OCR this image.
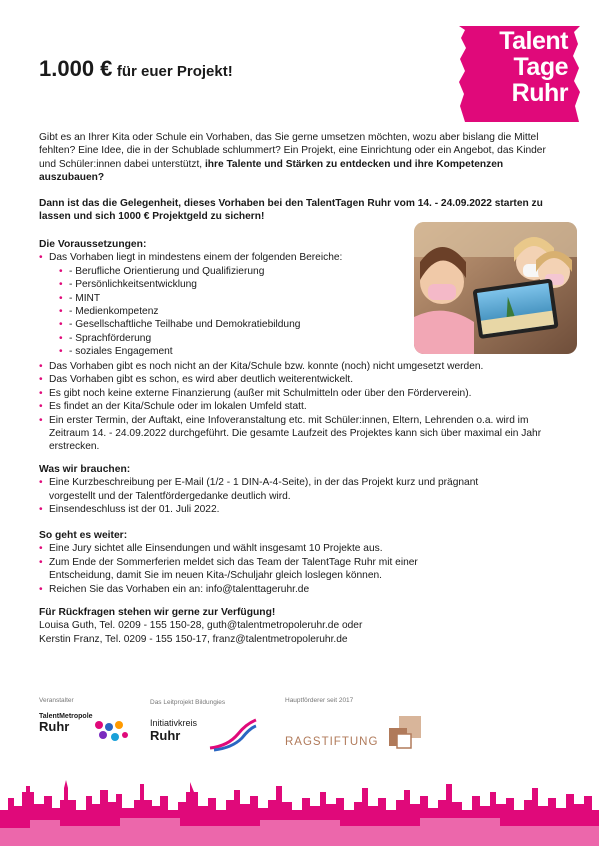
1.000 € für euer Projekt!
Talent
Tage
Ruhr
Gibt es an Ihrer Kita oder Schule ein Vorhaben, das Sie gerne umsetzen möchten, wozu aber bislang die Mittel fehlten? Eine Idee, die in der Schublade schlummert? Ein Projekt, eine Einrichtung oder ein Angebot, das Kinder und Schüler:innen dabei unterstützt, ihre Talente und Stärken zu entdecken und ihre Kompetenzen auszubauen?
Dann ist das die Gelegenheit, dieses Vorhaben bei den TalentTagen Ruhr vom 14. - 24.09.2022 starten zu lassen und sich 1000 € Projektgeld zu sichern!
Die Voraussetzungen:
• Das Vorhaben liegt in mindestens einem der folgenden Bereiche:
• - Berufliche Orientierung und Qualifizierung
• - Persönlichkeitsentwicklung
• - MINT
• - Medienkompetenz
• - Gesellschaftliche Teilhabe und Demokratiebildung
• - Sprachförderung
• - soziales Engagement
• Das Vorhaben gibt es noch nicht an der Kita/Schule bzw. konnte (noch) nicht umgesetzt werden.
• Das Vorhaben gibt es schon, es wird aber deutlich weiterentwickelt.
• Es gibt noch keine externe Finanzierung (außer mit Schulmitteln oder über den Förderverein).
• Es findet an der Kita/Schule oder im lokalen Umfeld statt.
• Ein erster Termin, der Auftakt, eine Infoveranstaltung etc. mit Schüler:innen, Eltern, Lehrenden o.a. wird im Zeitraum 14. - 24.09.2022 durchgeführt. Die gesamte Laufzeit des Projektes kann sich über maximal ein Jahr erstrecken.
Was wir brauchen:
• Eine Kurzbeschreibung per E-Mail (1/2 - 1 DIN-A-4-Seite), in der das Projekt kurz und prägnant vorgestellt und der Talentfördergedanke deutlich wird.
• Einsendeschluss ist der 01. Juli 2022.
So geht es weiter:
• Eine Jury sichtet alle Einsendungen und wählt insgesamt 10 Projekte aus.
• Zum Ende der Sommerferien meldet sich das Team der TalentTage Ruhr mit einer Entscheidung, damit Sie im neuen Kita-/Schuljahr gleich loslegen können.
• Reichen Sie das Vorhaben ein an: info@talenttageruhr.de
Für Rückfragen stehen wir gerne zur Verfügung!
Louisa Guth, Tel. 0209 - 155 150-28, guth@talentmetropoleruhr.de oder
Kerstin Franz, Tel. 0209 - 155 150-17, franz@talentmetropoleruhr.de
Veranstalter	Das Leitprojekt Bildungies	Hauptförderer seit 2017
TalentMetropole
Ruhr	Initiativkreis
Ruhr	RAGSTIFTUNG
